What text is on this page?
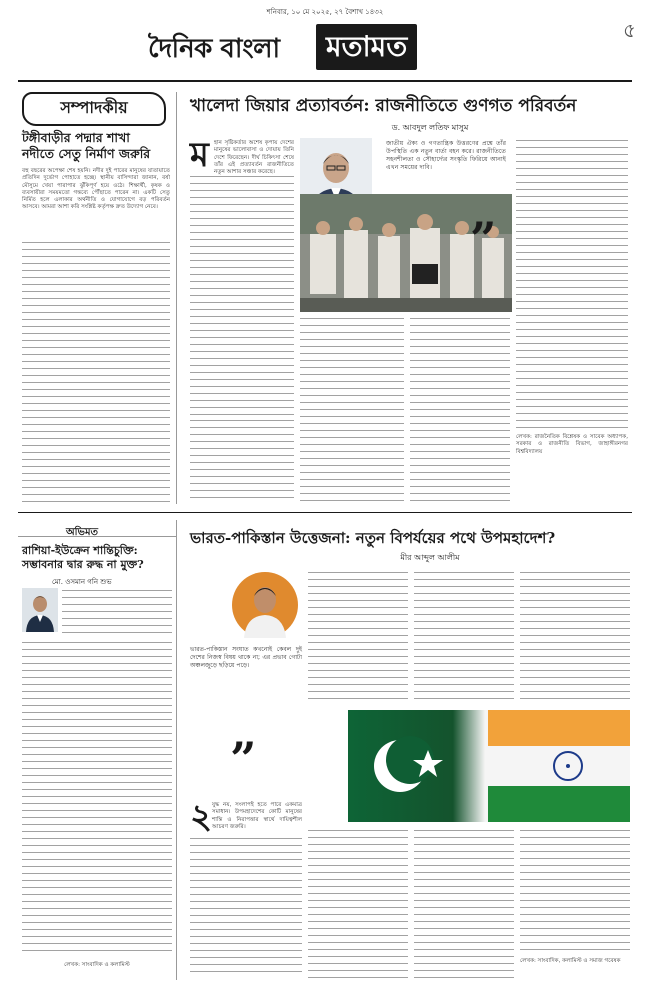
শনিবার, ১০ মে ২০২৫, ২৭ বৈশাখ ১৪৩২
৫
দৈনিক বাংলা	মতামত
সম্পাদকীয়
টঙ্গীবাড়ীর পদ্মার শাখা নদীতে সেতু নির্মাণ জরুরি
বহু বছরের অপেক্ষা শেষ হয়নি। নদীর দুই পারের মানুষের যাতায়াতে প্রতিদিন দুর্ভোগ পোহাতে হচ্ছে। স্থানীয় বাসিন্দারা জানান, বর্ষা মৌসুমে খেয়া পারাপার ঝুঁকিপূর্ণ হয়ে ওঠে। শিক্ষার্থী, কৃষক ও ব্যবসায়ীরা সময়মতো গন্তব্যে পৌঁছাতে পারেন না। একটি সেতু নির্মিত হলে এলাকার অর্থনীতি ও যোগাযোগে বড় পরিবর্তন আসবে। আমরা আশা করি সংশ্লিষ্ট কর্তৃপক্ষ দ্রুত উদ্যোগ নেবে।
খালেদা জিয়ার প্রত্যাবর্তন: রাজনীতিতে গুণগত পরিবর্তন
ড. আবদুল লতিফ মাসুম
ম হান সৃষ্টিকর্তার অশেষ কৃপায় দেশের মানুষের ভালোবাসা ও দোয়ায় তিনি দেশে ফিরেছেন। দীর্ঘ চিকিৎসা শেষে তাঁর এই প্রত্যাবর্তন রাজনীতিতে নতুন আশার সঞ্চার করেছে।
জাতীয় ঐক্য ও গণতান্ত্রিক উত্তরণের প্রশ্নে তাঁর উপস্থিতি এক নতুন বার্তা বহন করে। রাজনীতিতে সহনশীলতা ও সৌহার্দ্যের সংস্কৃতি ফিরিয়ে আনাই এখন সময়ের দাবি।
”
লেখক: রাজনৈতিক বিশ্লেষক ও সাবেক অধ্যাপক, সরকার ও রাজনীতি বিভাগ, জাহাঙ্গীরনগর বিশ্ববিদ্যালয়
অভিমত
রাশিয়া-ইউক্রেন শান্তিচুক্তি: সম্ভাবনার দ্বার রুদ্ধ না মুক্ত?
মো. ওসমান গনি শুভ
লেখক: সাংবাদিক ও কলামিস্ট
ভারত-পাকিস্তান উত্তেজনা: নতুন বিপর্যয়ের পথে উপমহাদেশ?
মীর আব্দুল আলীম
ভারত-পাকিস্তান সংঘাত কখনোই কেবল দুই দেশের নিজস্ব বিষয় থাকে না; এর প্রভাব গোটা অঞ্চলজুড়ে ছড়িয়ে পড়ে।
”
২ যুদ্ধ নয়, সংলাপই হতে পারে একমাত্র সমাধান। উপমহাদেশের কোটি মানুষের শান্তি ও নিরাপত্তার স্বার্থে দায়িত্বশীল আচরণ জরুরি।
লেখক: সাংবাদিক, কলামিস্ট ও সমাজ গবেষক
